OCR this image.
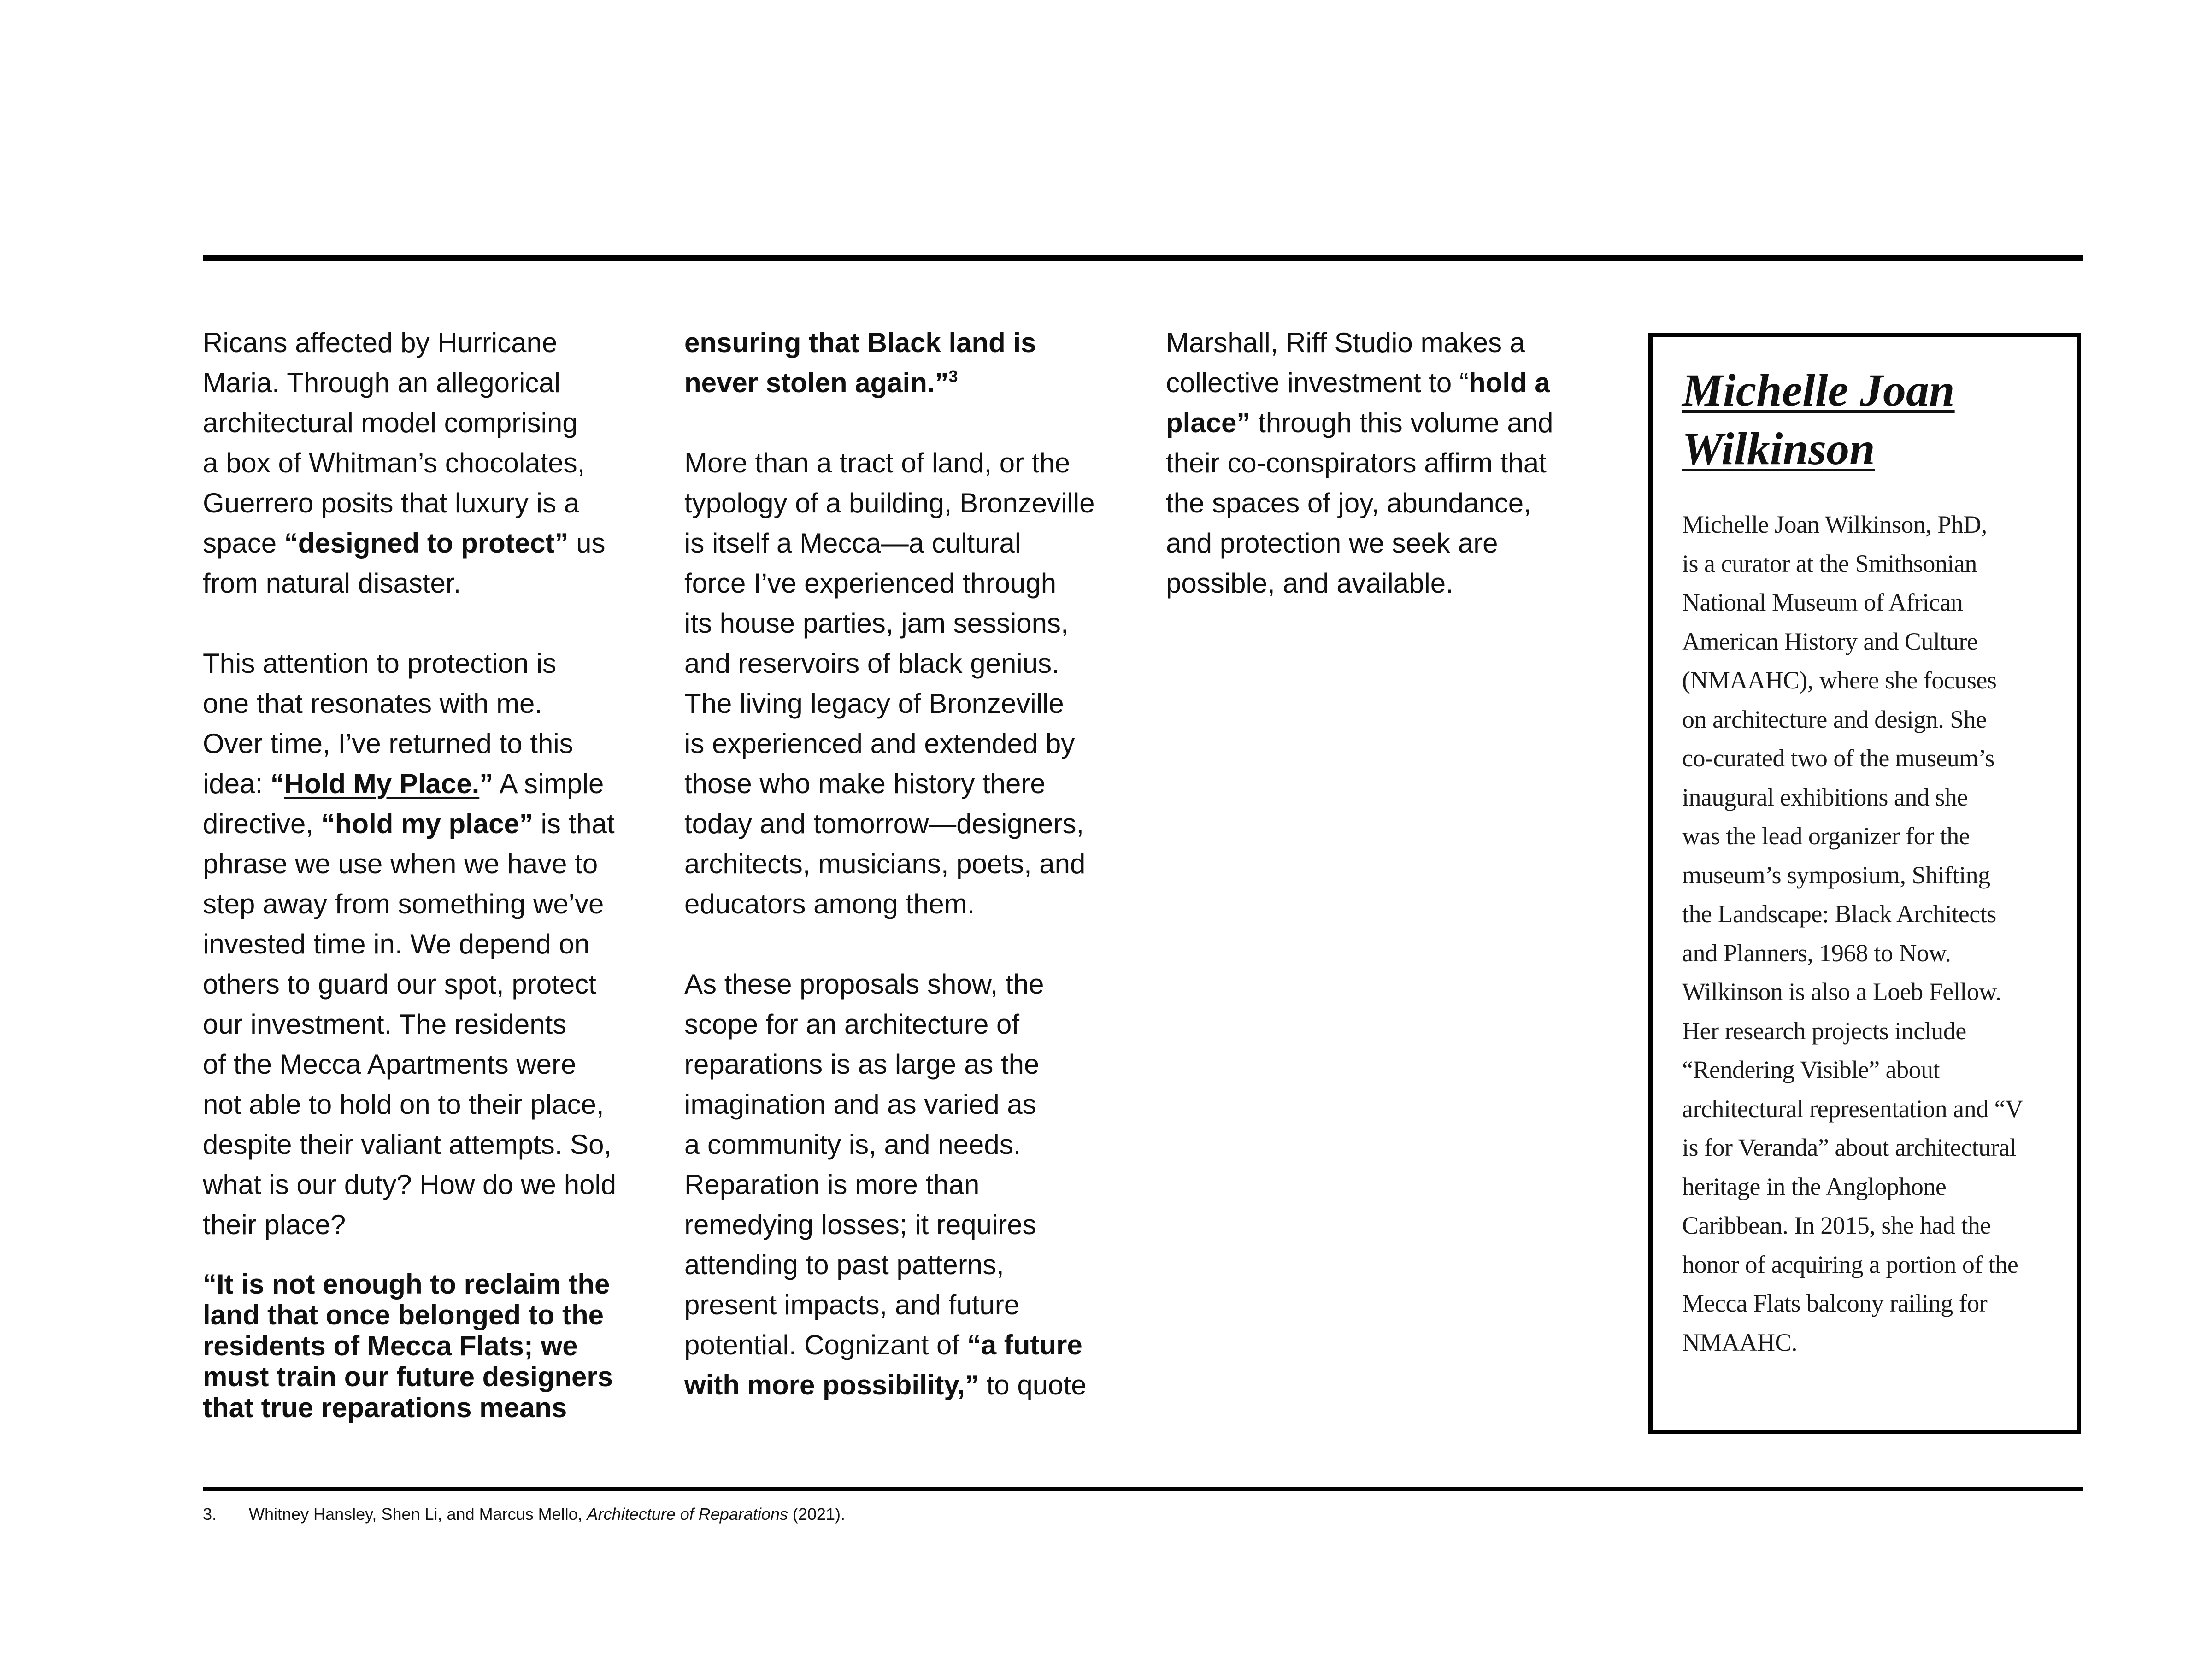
Ricans affected by Hurricane

Maria. Through an allegorical

architectural model comprising

a box of Whitman’s chocolates,

Guerrero posits that luxury is a

space “designed to protect” us

from natural disaster.

This attention to protection is

one that resonates with me.

Over time, I’ve returned to this

idea: “Hold My Place.” A simple

directive, “hold my place” is that

phrase we use when we have to

step away from something we’ve

invested time in. We depend on

others to guard our spot, protect

our investment. The residents

of the Mecca Apartments were

not able to hold on to their place,

despite their valiant attempts. So,

what is our duty? How do we hold

their place?

“It is not enough to reclaim the

land that once belonged to the

residents of Mecca Flats; we

must train our future designers

that true reparations means

ensuring that Black land is

never stolen again.”$^3$

More than a tract of land, or the

typology of a building, Bronzeville

is itself a Mecca—a cultural

force I’ve experienced through

its house parties, jam sessions,

and reservoirs of black genius.

The living legacy of Bronzeville

is experienced and extended by

those who make history there

today and tomorrow—designers,

architects, musicians, poets, and

educators among them.

As these proposals show, the

scope for an architecture of

reparations is as large as the

imagination and as varied as

a community is, and needs.

Reparation is more than

remedying losses; it requires

attending to past patterns,

present impacts, and future

potential. Cognizant of “a future

with more possibility,” to quote

Marshall, Riff Studio makes a

collective investment to “hold a

place” through this volume and

their co-conspirators affirm that

the spaces of joy, abundance,

and protection we seek are

possible, and available.

Michelle Joan
Wilkinson
Michelle Joan Wilkinson, PhD,
is a curator at the Smithsonian
National Museum of African
American History and Culture
(NMAAHC), where she focuses
on architecture and design. She
co-curated two of the museum’s
inaugural exhibitions and she
was the lead organizer for the
museum’s symposium, Shifting
the Landscape: Black Architects
and Planners, 1968 to Now.
Wilkinson is also a Loeb Fellow.
Her research projects include
“Rendering Visible” about
architectural representation and “V
is for Veranda” about architectural
heritage in the Anglophone
Caribbean. In 2015, she had the
honor of acquiring a portion of the
Mecca Flats balcony railing for
NMAAHC.
3. Whitney Hansley, Shen Li, and Marcus Mello, Architecture of Reparations (2021).
